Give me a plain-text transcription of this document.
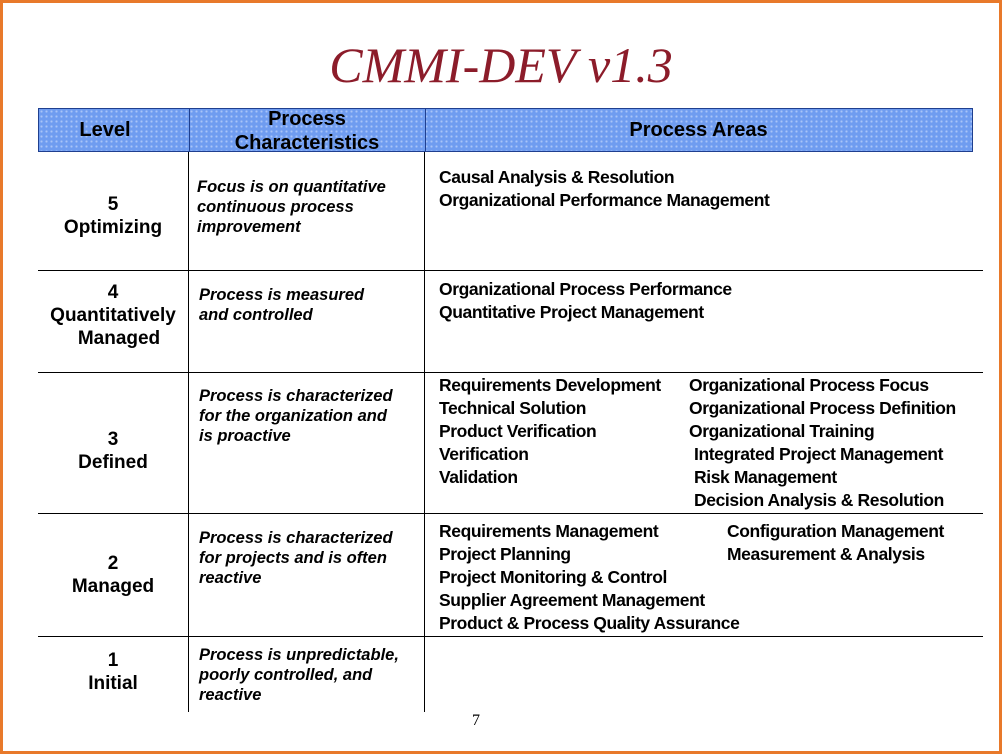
CMMI-DEV v1.3
Level	Process
Characteristics
Process Areas
5
Optimizing
Focus is on quantitative
continuous process
improvement
Causal Analysis & Resolution
Organizational Performance Management
4
Quantitatively
Managed
Process is measured
and controlled
Organizational Process Performance
Quantitative Project Management
3
Defined
Process is characterized
for the organization and
is proactive
Requirements Development
Technical Solution
Product Verification
Verification
Validation
Organizational Process Focus
Organizational Process Definition
Organizational Training
Integrated Project Management
Risk Management
Decision Analysis & Resolution
2
Managed
Process is characterized
for projects and is often
reactive
Requirements Management
Project Planning
Project Monitoring & Control
Supplier Agreement Management
Product & Process Quality Assurance
Configuration Management
Measurement & Analysis
1
Initial
Process is unpredictable,
poorly controlled, and
reactive
7
